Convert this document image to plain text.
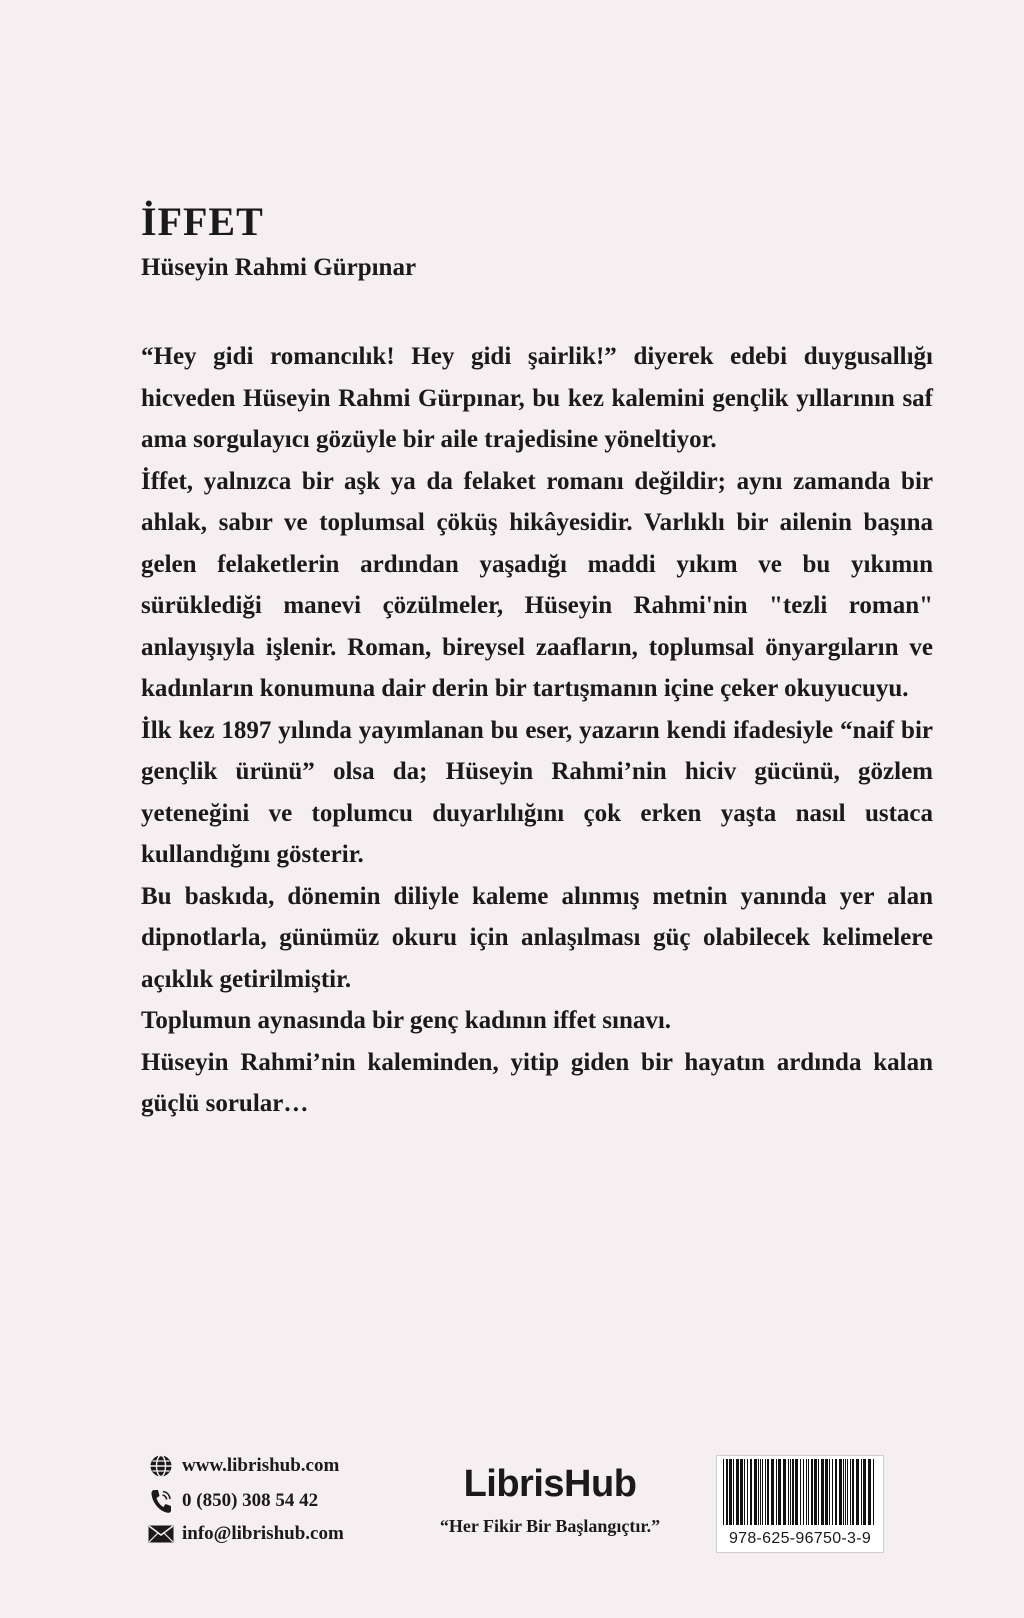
İFFET
Hüseyin Rahmi Gürpınar

“Hey gidi romancılık! Hey gidi şairlik!” diyerek edebi duygusallığı hicveden Hüseyin Rahmi Gürpınar, bu kez kalemini gençlik yıllarının saf ama sorgulayıcı gözüyle bir aile trajedisine yöneltiyor.

İffet, yalnızca bir aşk ya da felaket romanı değildir; aynı zamanda bir ahlak, sabır ve toplumsal çöküş hikâyesidir. Varlıklı bir ailenin başına gelen felaketlerin ardından yaşadığı maddi yıkım ve bu yıkımın sürüklediği manevi çözülmeler, Hüseyin Rahmi'nin "tezli roman" anlayışıyla işlenir. Roman, bireysel zaafların, toplumsal önyargıların ve kadınların konumuna dair derin bir tartışmanın içine çeker okuyucuyu.

İlk kez 1897 yılında yayımlanan bu eser, yazarın kendi ifadesiyle “naif bir gençlik ürünü” olsa da; Hüseyin Rahmi’nin hiciv gücünü, gözlem yeteneğini ve toplumcu duyarlılığını çok erken yaşta nasıl ustaca kullandığını gösterir.

Bu baskıda, dönemin diliyle kaleme alınmış metnin yanında yer alan dipnotlarla, günümüz okuru için anlaşılması güç olabilecek kelimelere açıklık getirilmiştir.

Toplumun aynasında bir genç kadının iffet sınavı.

Hüseyin Rahmi’nin kaleminden, yitip giden bir hayatın ardında kalan güçlü sorular…

www.librishub.com
0 (850) 308 54 42
info@librishub.com
LibrisHub
“Her Fikir Bir Başlangıçtır.”
978-625-96750-3-9
